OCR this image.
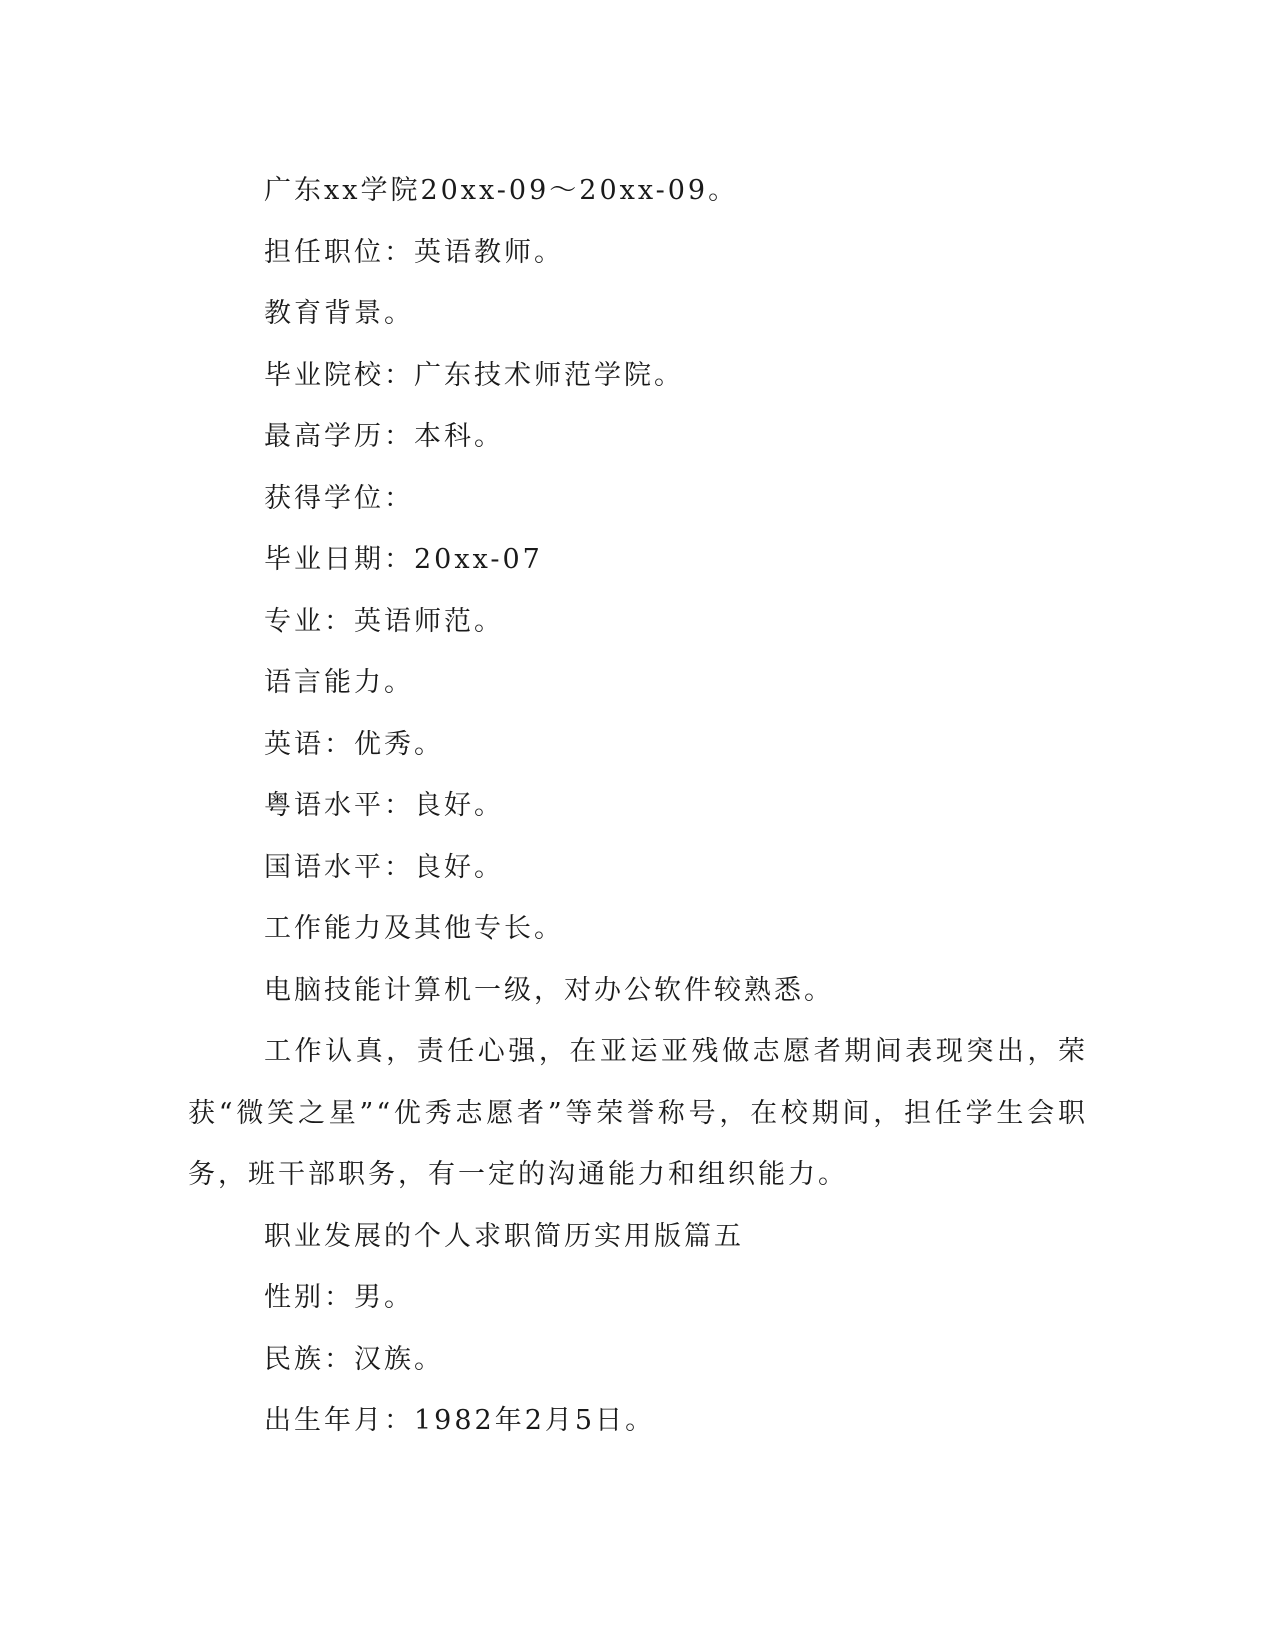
广东xx学院20xx-09～20xx-09。

担任职位：英语教师。

教育背景。

毕业院校：广东技术师范学院。

最高学历：本科。

获得学位：

毕业日期：20xx-07

专业：英语师范。

语言能力。

英语：优秀。

粤语水平：良好。

国语水平：良好。

工作能力及其他专长。

电脑技能计算机一级，对办公软件较熟悉。

工作认真，责任心强，在亚运亚残做志愿者期间表现突出，荣获“微笑之星”“优秀志愿者”等荣誉称号，在校期间，担任学生会职务，班干部职务，有一定的沟通能力和组织能力。

职业发展的个人求职简历实用版篇五

性别：男。

民族：汉族。

出生年月：1982年2月5日。
